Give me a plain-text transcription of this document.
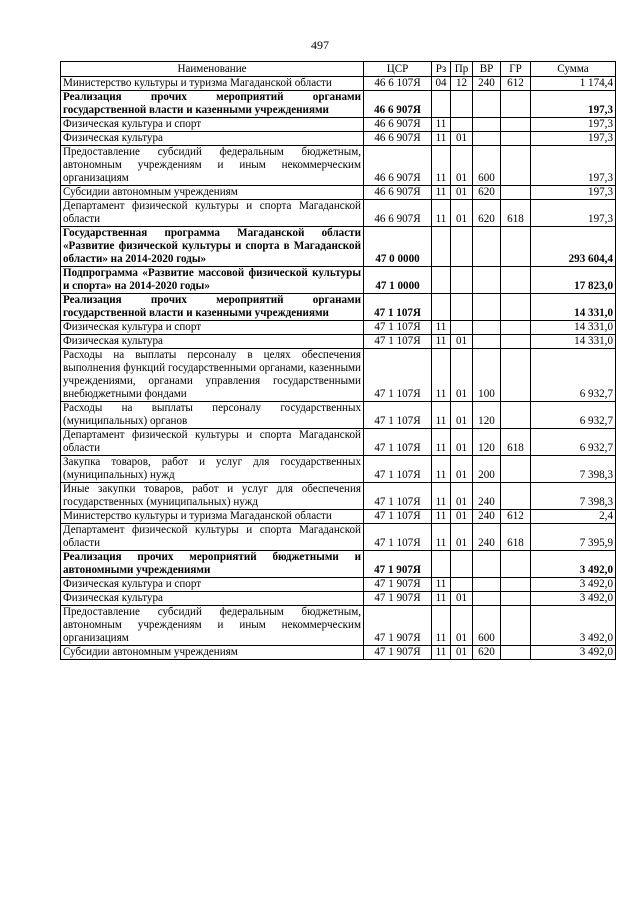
497
Наименование	ЦСР	Рз	Пр	ВР	ГР	Сумма
Министерство культуры и туризма Магаданской области	46 6 107Я	04	12	240	612	1 174,4
Реализация прочих мероприятий органами государственной власти и казенными учреждениями	46 6 907Я					197,3
Физическая культура и спорт	46 6 907Я	11				197,3
Физическая культура	46 6 907Я	11	01			197,3
Предоставление субсидий федеральным бюджетным, автономным учреждениям и иным некоммерческим организациям	46 6 907Я	11	01	600		197,3
Субсидии автономным учреждениям	46 6 907Я	11	01	620		197,3
Департамент физической культуры и спорта Магаданской области	46 6 907Я	11	01	620	618	197,3
Государственная программа Магаданской области «Развитие физической культуры и спорта в Магаданской области» на 2014-2020 годы»	47 0 0000					293 604,4
Подпрограмма «Развитие массовой физической культуры и спорта» на 2014-2020 годы»	47 1 0000					17 823,0
Реализация прочих мероприятий органами государственной власти и казенными учреждениями	47 1 107Я					14 331,0
Физическая культура и спорт	47 1 107Я	11				14 331,0
Физическая культура	47 1 107Я	11	01			14 331,0
Расходы на выплаты персоналу в целях обеспечения выполнения функций государственными органами, казенными учреждениями, органами управления государственными внебюджетными фондами	47 1 107Я	11	01	100		6 932,7
Расходы на выплаты персоналу государственных (муниципальных) органов	47 1 107Я	11	01	120		6 932,7
Департамент физической культуры и спорта Магаданской области	47 1 107Я	11	01	120	618	6 932,7
Закупка товаров, работ и услуг для государственных (муниципальных) нужд	47 1 107Я	11	01	200		7 398,3
Иные закупки товаров, работ и услуг для обеспечения государственных (муниципальных) нужд	47 1 107Я	11	01	240		7 398,3
Министерство культуры и туризма Магаданской области	47 1 107Я	11	01	240	612	2,4
Департамент физической культуры и спорта Магаданской области	47 1 107Я	11	01	240	618	7 395,9
Реализация прочих мероприятий бюджетными и автономными учреждениями	47 1 907Я					3 492,0
Физическая культура и спорт	47 1 907Я	11				3 492,0
Физическая культура	47 1 907Я	11	01			3 492,0
Предоставление субсидий федеральным бюджетным, автономным учреждениям и иным некоммерческим организациям	47 1 907Я	11	01	600		3 492,0
Субсидии автономным учреждениям	47 1 907Я	11	01	620		3 492,0
